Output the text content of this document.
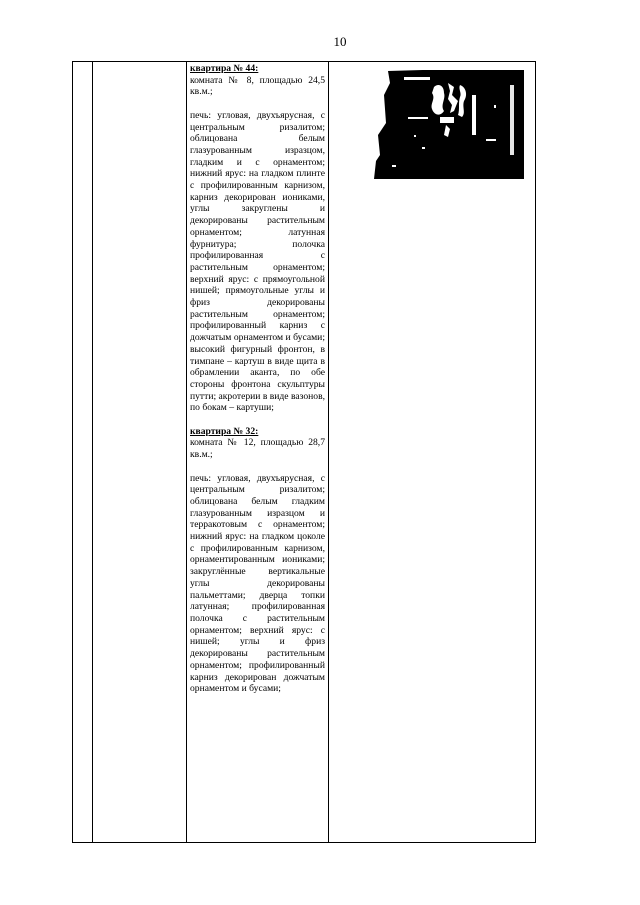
10

квартира № 44:

комната № 8, площадью 24,5 кв.м.;

печь: угловая, двухъярусная, с центральным ризалитом; облицована белым глазурованным изразцом, гладким и с орнаментом; нижний ярус: на гладком плинте с профилированным карнизом, карниз декорирован иониками, углы закруглены и декорированы растительным орнаментом; латунная фурнитура; полочка профилированная с растительным орнаментом; верхний ярус: с прямоугольной нишей; прямоугольные углы и фриз декорированы растительным орнаментом; профилированный карниз с дожчатым орнаментом и бусами; высокий фигурный фронтон, в тимпане – картуш в виде щита в обрамлении аканта, по обе стороны фронтона скульптуры путти; акротерии в виде вазонов, по бокам – картуши;

квартира № 32:

комната № 12, площадью 28,7 кв.м.;

печь: угловая, двухъярусная, с центральным ризалитом; облицована белым гладким глазурованным изразцом и терракотовым с орнаментом; нижний ярус: на гладком цоколе с профилированным карнизом, орнаментированным иониками; закруглённые вертикальные углы декорированы пальметтами; дверца топки латунная; профилированная полочка с растительным орнаментом; верхний ярус: с нишей; углы и фриз декорированы растительным орнаментом; профилированный карниз декорирован дожчатым орнаментом и бусами;
